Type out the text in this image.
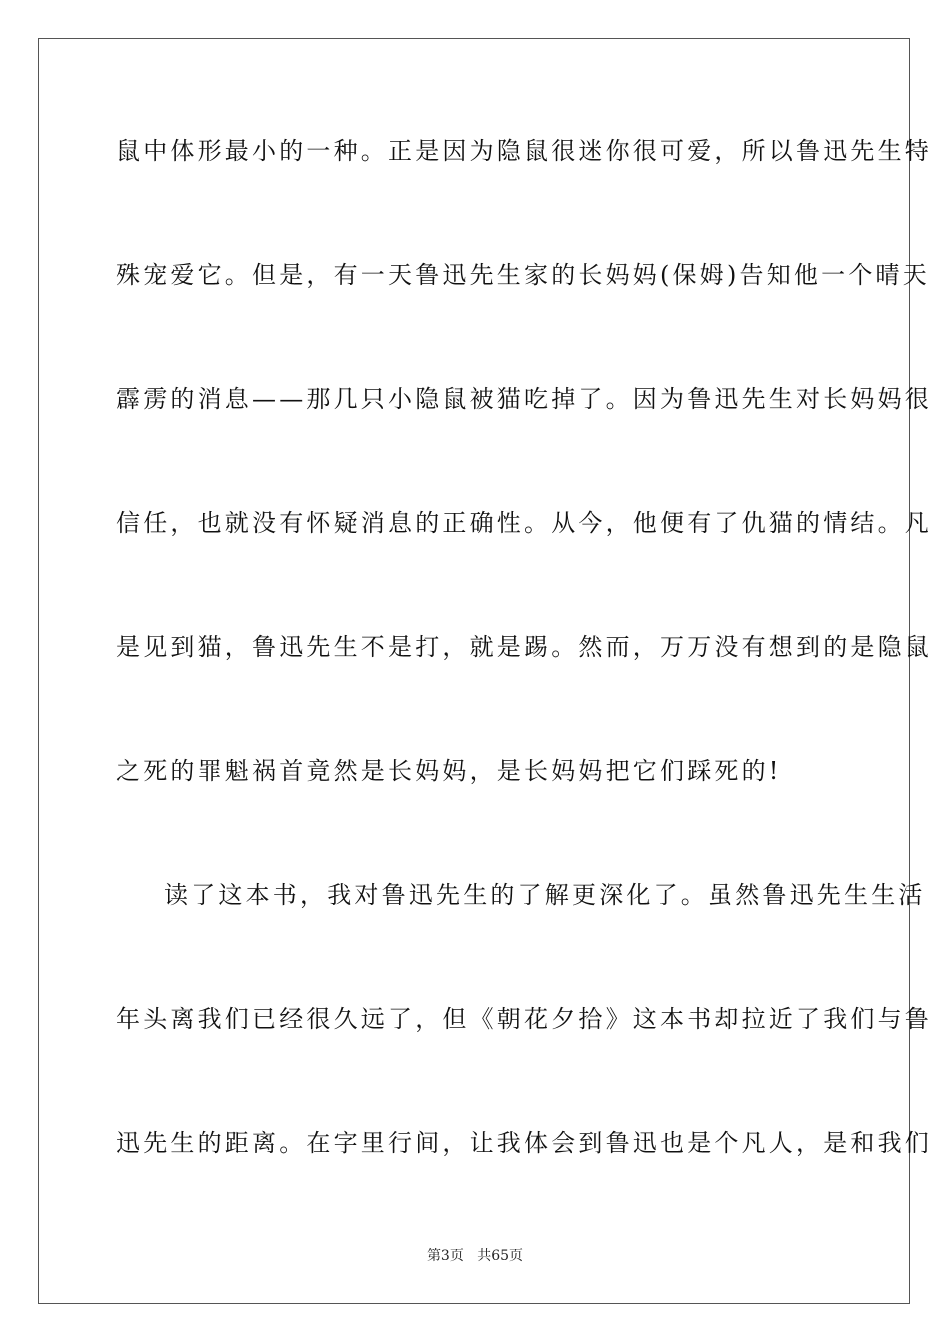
鼠中体形最小的一种。正是因为隐鼠很迷你很可爱，所以鲁迅先生特
殊宠爱它。但是，有一天鲁迅先生家的长妈妈(保姆)告知他一个晴天
霹雳的消息——那几只小隐鼠被猫吃掉了。因为鲁迅先生对长妈妈很
信任，也就没有怀疑消息的正确性。从今，他便有了仇猫的情结。凡
是见到猫，鲁迅先生不是打，就是踢。然而，万万没有想到的是隐鼠
之死的罪魁祸首竟然是长妈妈，是长妈妈把它们踩死的!
读了这本书，我对鲁迅先生的了解更深化了。虽然鲁迅先生生活
年头离我们已经很久远了，但《朝花夕拾》这本书却拉近了我们与鲁
迅先生的距离。在字里行间，让我体会到鲁迅也是个凡人，是和我们
第3页 共65页
